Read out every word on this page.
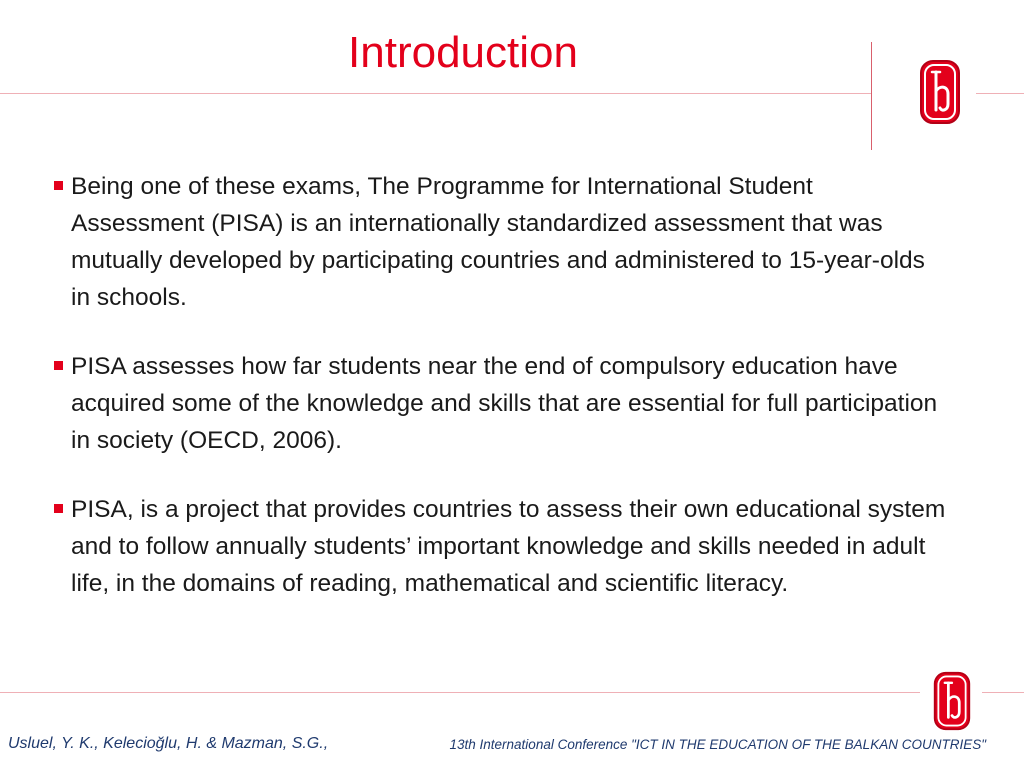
Introduction
Being one of these exams, The Programme for International Student Assessment (PISA) is an internationally standardized assessment that was mutually developed by participating countries and administered to 15-year-olds in schools.
PISA assesses how far students near the end of compulsory education have acquired some of the knowledge and skills that are essential for full participation in society (OECD, 2006).
PISA, is a project that provides countries to assess their own educational system and to follow annually students’ important knowledge and skills needed in adult life, in the domains of reading, mathematical and scientific literacy.
Usluel, Y. K., Kelecioğlu, H. & Mazman, S.G.,	13th International Conference "ICT IN THE EDUCATION OF THE BALKAN COUNTRIES"
